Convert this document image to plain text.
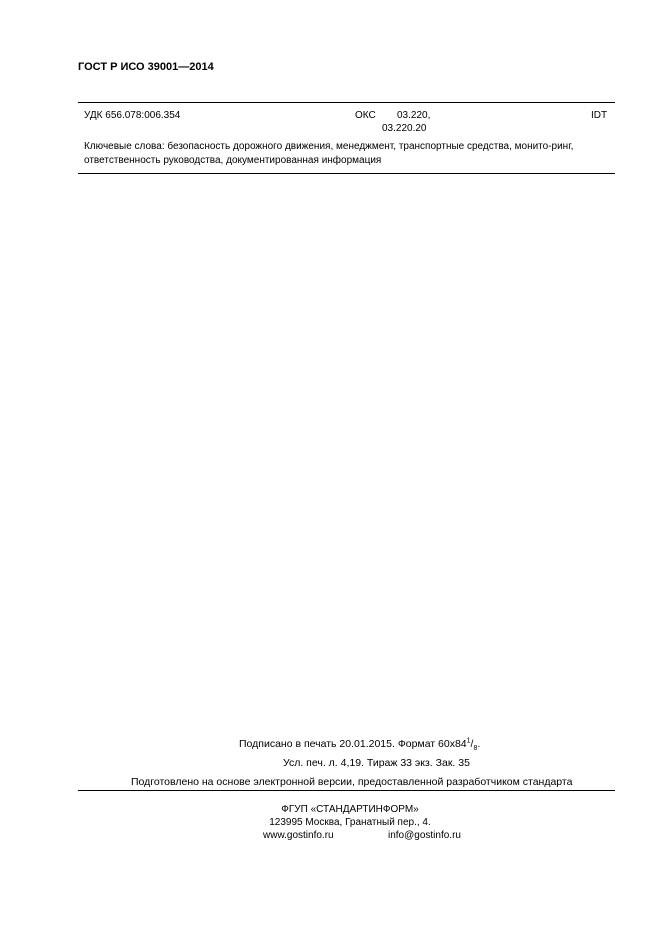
ГОСТ Р ИСО 39001—2014
УДК 656.078:006.354	ОКС 03.220,
03.220.20
IDT
Ключевые слова: безопасность дорожного движения, менеджмент, транспортные средства, монито-ринг, ответственность руководства, документированная информация
Подписано в печать 20.01.2015. Формат $60x84^1/_8$.
Усл. печ. л. 4,19. Тираж 33 экз. Зак. 35
Подготовлено на основе электронной версии, предоставленной разработчиком стандарта
ФГУП «СТАНДАРТИНФОРМ»
123995 Москва, Гранатный пер., 4.
www.gostinfo.ru	info@gostinfo.ru
